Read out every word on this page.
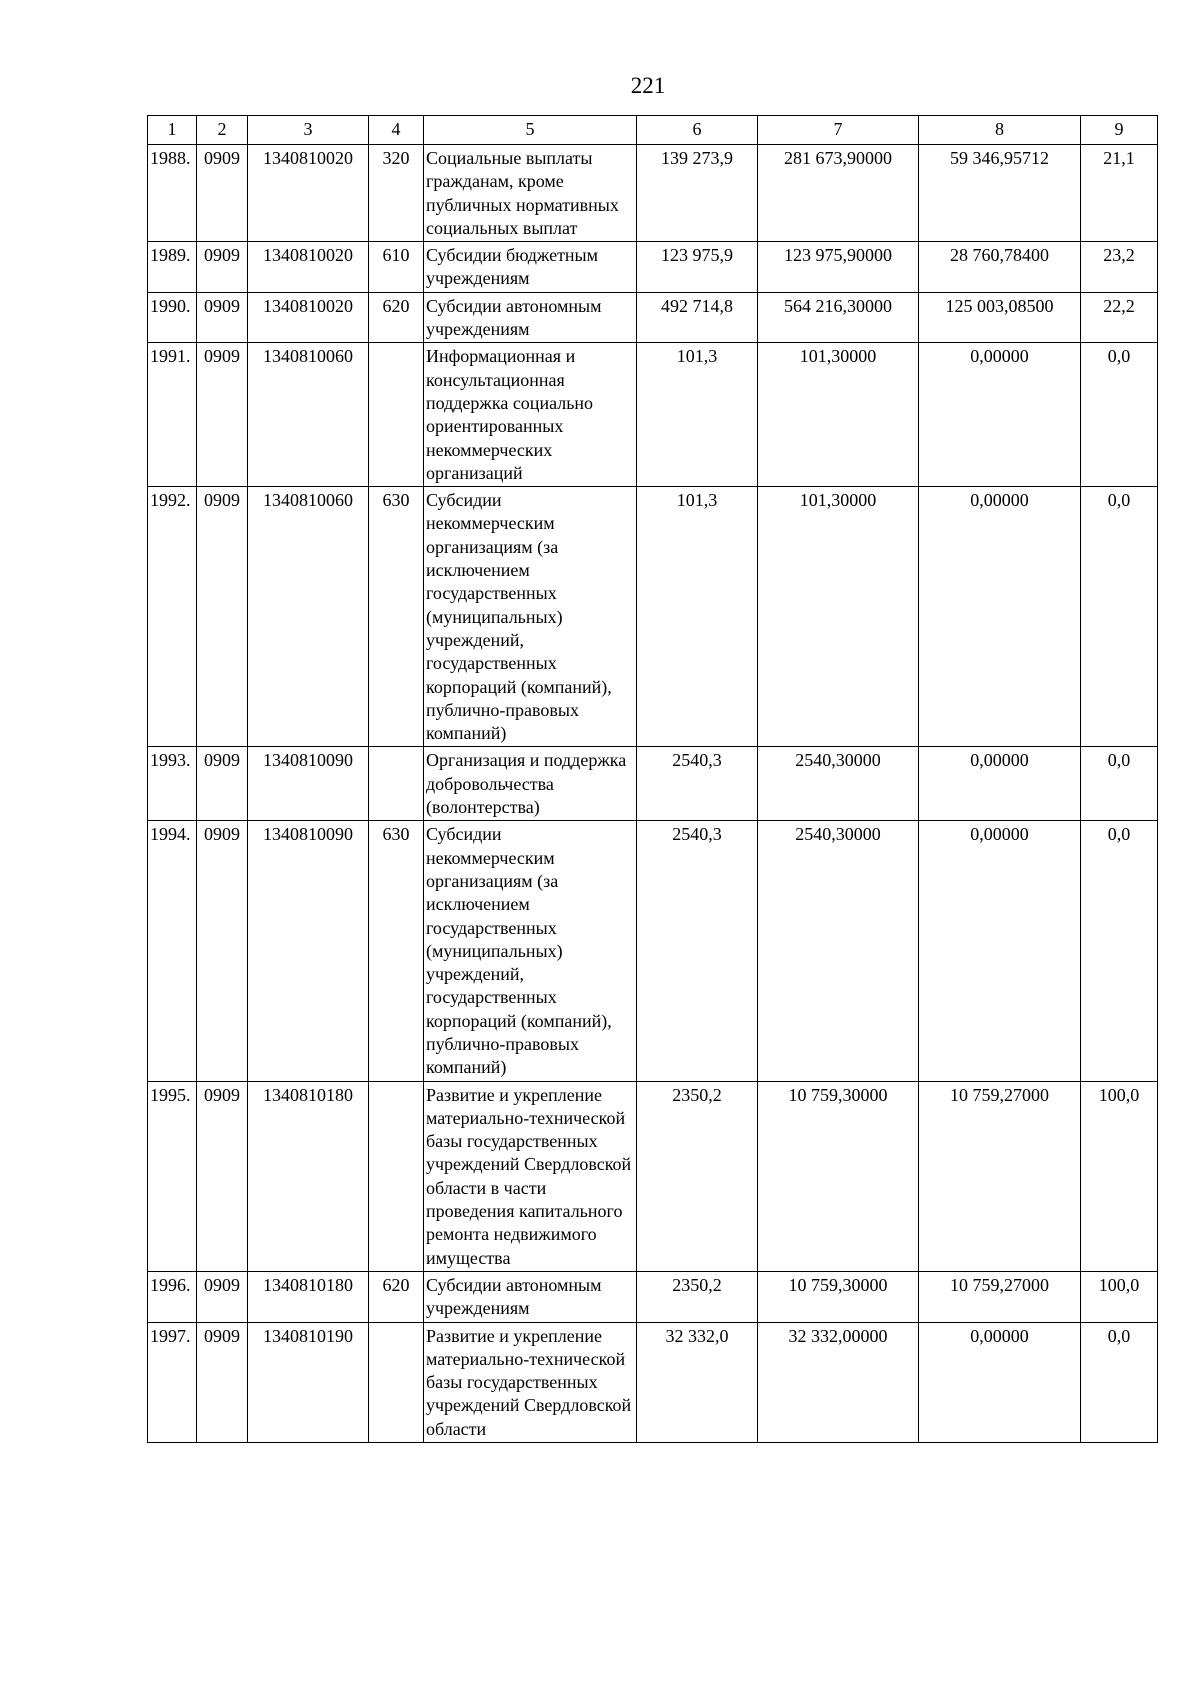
221
1	2	3	4	5	6	7	8	9
1988.	0909	1340810020	320	Социальные выплаты гражданам, кроме публичных нормативных социальных выплат	139 273,9	281 673,90000	59 346,95712	21,1
1989.	0909	1340810020	610	Субсидии бюджетным учреждениям	123 975,9	123 975,90000	28 760,78400	23,2
1990.	0909	1340810020	620	Субсидии автономным учреждениям	492 714,8	564 216,30000	125 003,08500	22,2
1991.	0909	1340810060		Информационная и консультационная поддержка социально ориентированных некоммерческих организаций	101,3	101,30000	0,00000	0,0
1992.	0909	1340810060	630	Субсидии некоммерческим организациям (за исключением государственных (муниципальных) учреждений, государственных корпораций (компаний), публично-правовых компаний)	101,3	101,30000	0,00000	0,0
1993.	0909	1340810090		Организация и поддержка добровольчества (волонтерства)	2540,3	2540,30000	0,00000	0,0
1994.	0909	1340810090	630	Субсидии некоммерческим организациям (за исключением государственных (муниципальных) учреждений, государственных корпораций (компаний), публично-правовых компаний)	2540,3	2540,30000	0,00000	0,0
1995.	0909	1340810180		Развитие и укрепление материально-технической базы государственных учреждений Свердловской области в части проведения капитального ремонта недвижимого имущества	2350,2	10 759,30000	10 759,27000	100,0
1996.	0909	1340810180	620	Субсидии автономным учреждениям	2350,2	10 759,30000	10 759,27000	100,0
1997.	0909	1340810190		Развитие и укрепление материально-технической базы государственных учреждений Свердловской области	32 332,0	32 332,00000	0,00000	0,0
